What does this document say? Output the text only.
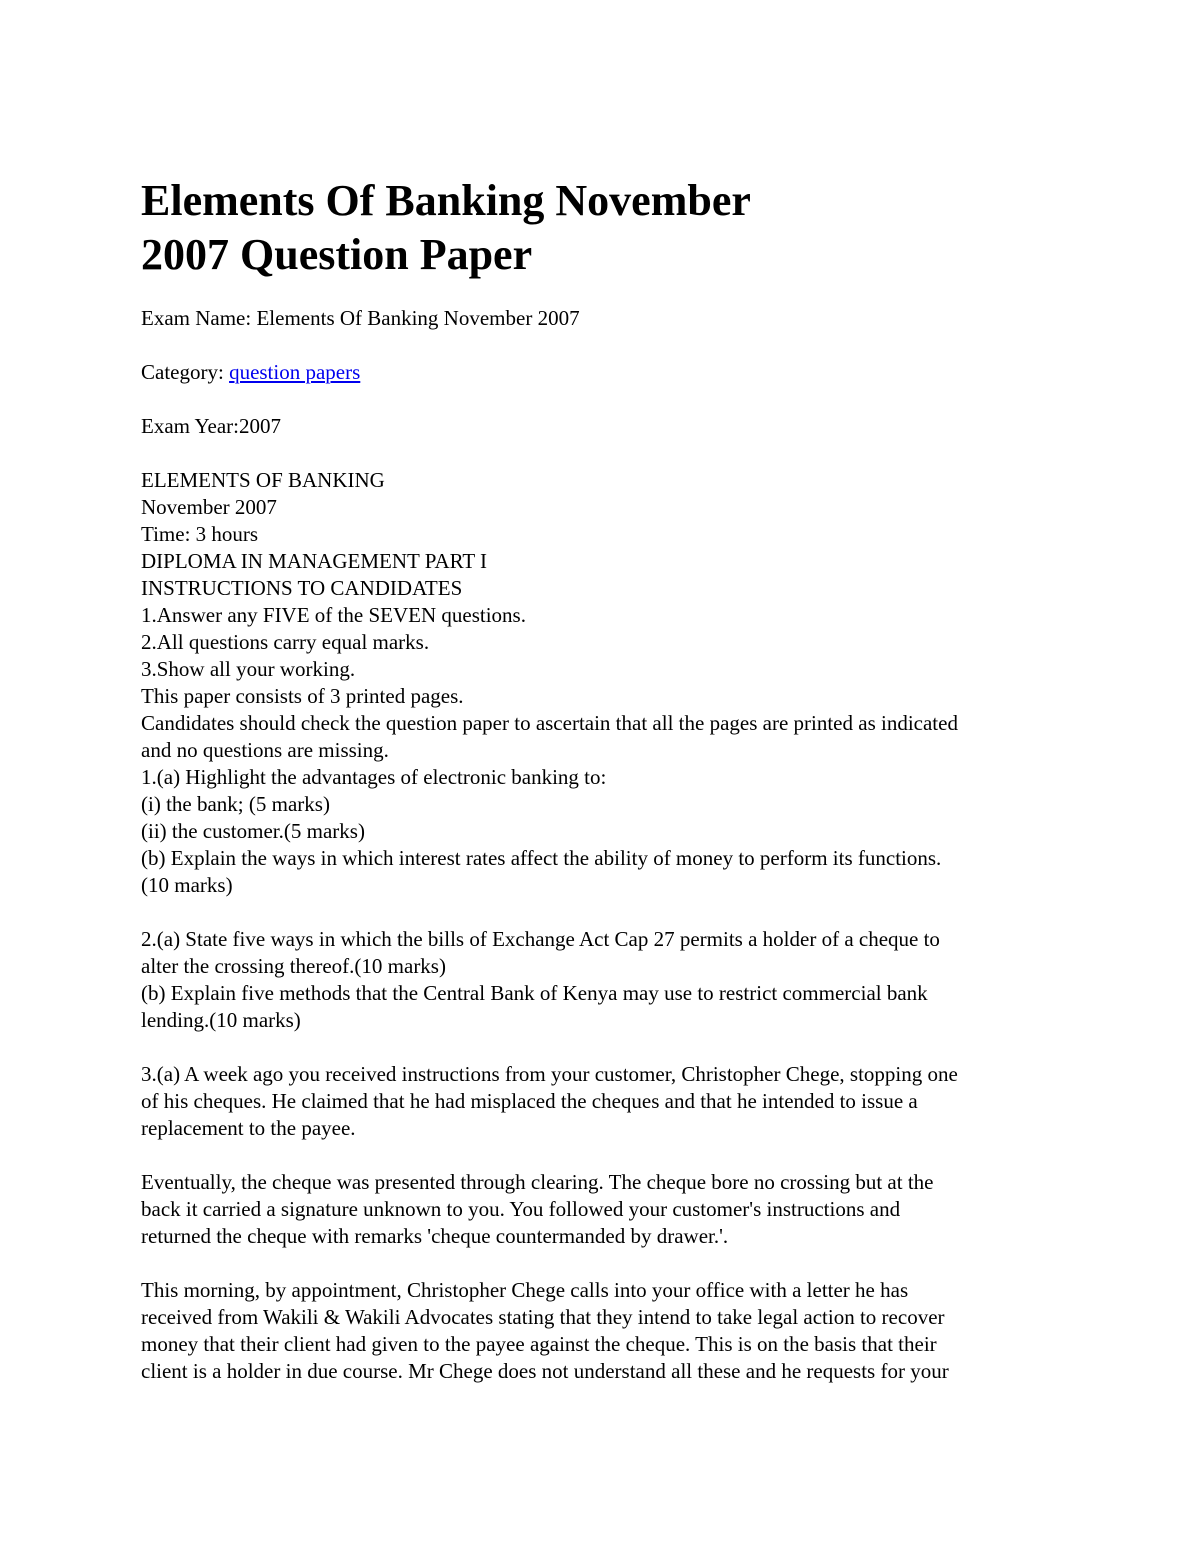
Elements Of Banking November
2007 Question Paper
Exam Name: Elements Of Banking November 2007
Category: question papers
Exam Year:2007
ELEMENTS OF BANKING
November 2007
Time: 3 hours
DIPLOMA IN MANAGEMENT PART I
INSTRUCTIONS TO CANDIDATES
1.Answer any FIVE of the SEVEN questions.
2.All questions carry equal marks.
3.Show all your working.
This paper consists of 3 printed pages.
Candidates should check the question paper to ascertain that all the pages are printed as indicated
and no questions are missing.
1.(a) Highlight the advantages of electronic banking to:
(i) the bank; (5 marks)
(ii) the customer.(5 marks)
(b) Explain the ways in which interest rates affect the ability of money to perform its functions.
(10 marks)
2.(a) State five ways in which the bills of Exchange Act Cap 27 permits a holder of a cheque to
alter the crossing thereof.(10 marks)
(b) Explain five methods that the Central Bank of Kenya may use to restrict commercial bank
lending.(10 marks)
3.(a) A week ago you received instructions from your customer, Christopher Chege, stopping one
of his cheques. He claimed that he had misplaced the cheques and that he intended to issue a
replacement to the payee.
Eventually, the cheque was presented through clearing. The cheque bore no crossing but at the
back it carried a signature unknown to you. You followed your customer's instructions and
returned the cheque with remarks 'cheque countermanded by drawer.'.
This morning, by appointment, Christopher Chege calls into your office with a letter he has
received from Wakili & Wakili Advocates stating that they intend to take legal action to recover
money that their client had given to the payee against the cheque. This is on the basis that their
client is a holder in due course. Mr Chege does not understand all these and he requests for your
